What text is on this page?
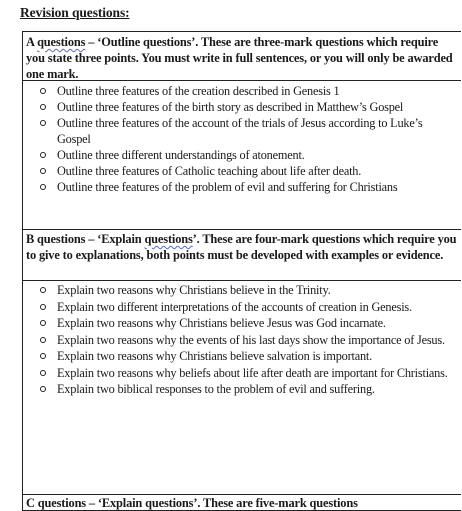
Revision questions:
A questions – ‘Outline questions’. These are three-mark questions which require you state three points. You must write in full sentences, or you will only be awarded one mark.
Outline three features of the creation described in Genesis 1
Outline three features of the birth story as described in Matthew’s Gospel
Outline three features of the account of the trials of Jesus according to Luke’s Gospel
Outline three different understandings of atonement.
Outline three features of Catholic teaching about life after death.
Outline three features of the problem of evil and suffering for Christians
B questions – ‘Explain questions’. These are four-mark questions which require you to give to explanations, both points must be developed with examples or evidence.
Explain two reasons why Christians believe in the Trinity.
Explain two different interpretations of the accounts of creation in Genesis.
Explain two reasons why Christians believe Jesus was God incarnate.
Explain two reasons why the events of his last days show the importance of Jesus.
Explain two reasons why Christians believe salvation is important.
Explain two reasons why beliefs about life after death are important for Christians.
Explain two biblical responses to the problem of evil and suffering.
C questions – ‘Explain questions’. These are five-mark questions
